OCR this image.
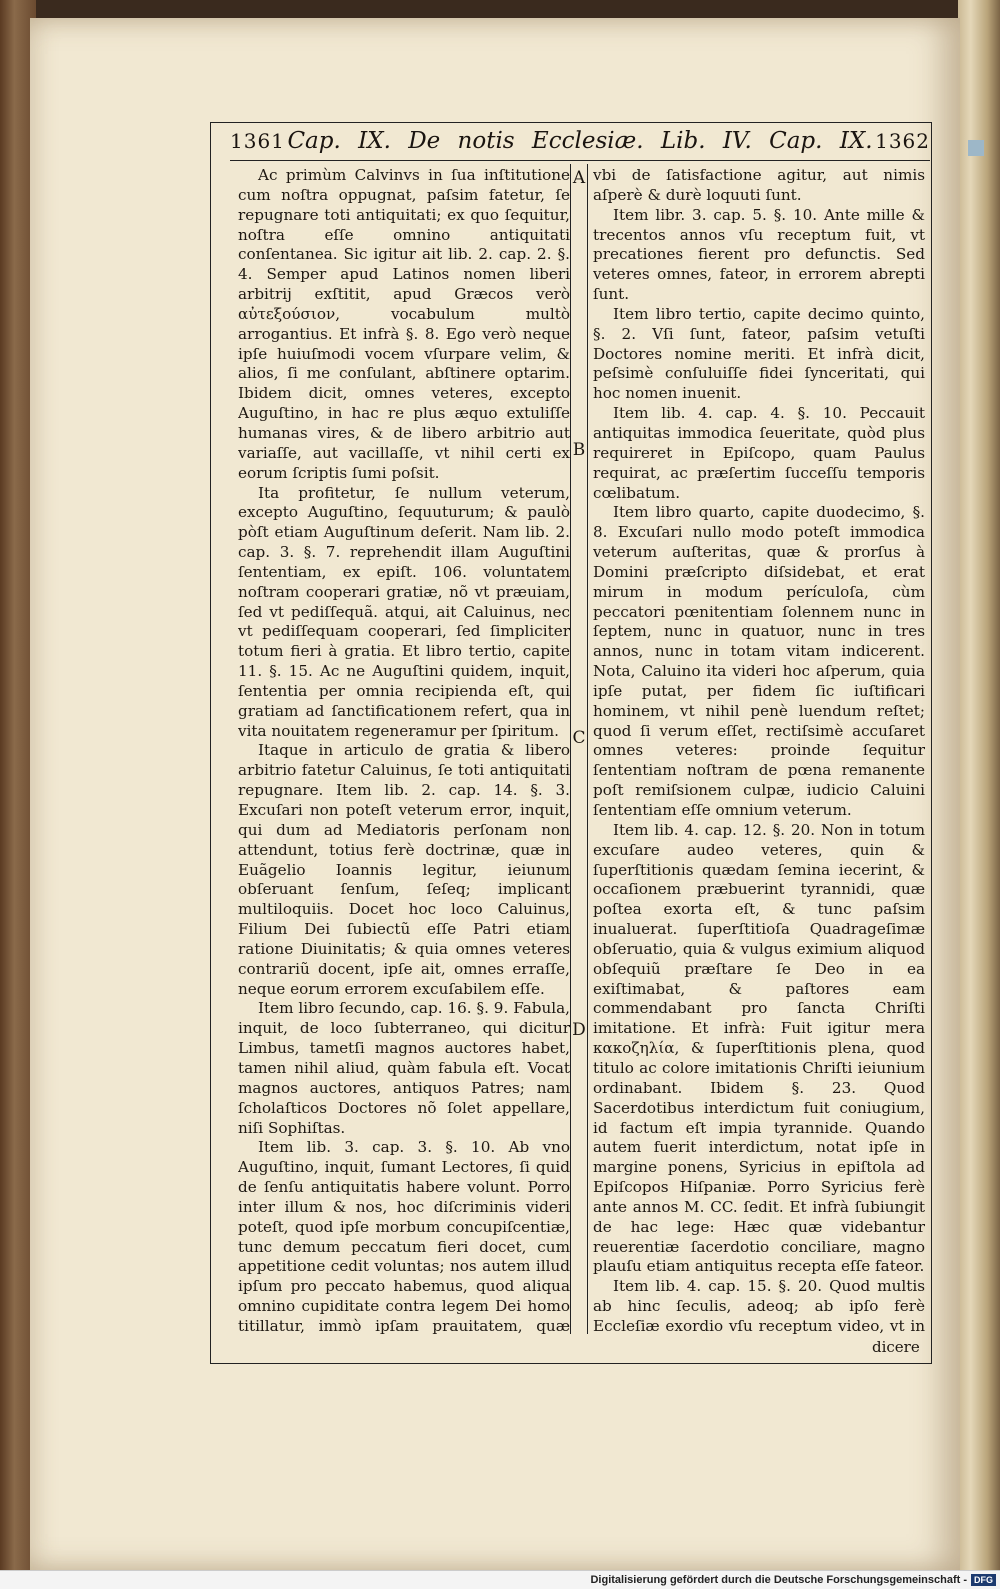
1361 Cap. IX. De notis Ecclesiæ. Lib. IV. Cap. IX. 1362

Ac primùm Calvinvs in ſua inſtitutione cum noſtra oppugnat, paſsim fatetur, ſe repugnare toti antiquitati; ex quo ſequitur, noſtra eſſe omnino antiquitati conſentanea. Sic igitur ait lib. 2. cap. 2. §. 4. Semper apud Latinos nomen liberi arbitrij exſtitit, apud Græcos verò αὐτεξούσιον, vocabulum multò arrogantius. Et infrà §. 8. Ego verò neque ipſe huiuſmodi vocem vſurpare velim, & alios, ſi me conſulant, abſtinere optarim. Ibidem dicit, omnes veteres, excepto Auguſtino, in hac re plus æquo extuliſſe humanas vires, & de libero arbitrio aut variaſſe, aut vacillaſſe, vt nihil certi ex eorum ſcriptis ſumi poſsit.

Ita profitetur, ſe nullum veterum, excepto Auguſtino, ſequuturum; & paulò pòſt etiam Auguſtinum deſerit. Nam lib. 2. cap. 3. §. 7. reprehendit illam Auguſtini ſententiam, ex epiſt. 106. voluntatem noſtram cooperari gratiæ, nõ vt præuiam, ſed vt pediſſequã. atqui, ait Caluinus, nec vt pediſſequam cooperari, ſed ſimpliciter totum fieri à gratia. Et libro tertio, capite 11. §. 15. Ac ne Auguſtini quidem, inquit, ſententia per omnia recipienda eſt, qui gratiam ad ſanctificationem refert, qua in vita nouitatem regeneramur per ſpiritum.

Itaque in articulo de gratia & libero arbitrio fatetur Caluinus, ſe toti antiquitati repugnare. Item lib. 2. cap. 14. §. 3. Excuſari non poteſt veterum error, inquit, qui dum ad Mediatoris perſonam non attendunt, totius ferè doctrinæ, quæ in Euãgelio Ioannis legitur, ieiunum obſeruant ſenſum, ſeſeq; implicant multiloquiis. Docet hoc loco Caluinus, Filium Dei ſubiectũ eſſe Patri etiam ratione Diuinitatis; & quia omnes veteres contrariũ docent, ipſe ait, omnes erraſſe, neque eorum errorem excuſabilem eſſe.

Item libro ſecundo, cap. 16. §. 9. Fabula, inquit, de loco ſubterraneo, qui dicitur Limbus, tametſi magnos auctores habet, tamen nihil aliud, quàm fabula eſt. Vocat magnos auctores, antiquos Patres; nam ſcholaſticos Doctores nõ ſolet appellare, niſi Sophiſtas.

Item lib. 3. cap. 3. §. 10. Ab vno Auguſtino, inquit, ſumant Lectores, ſi quid de ſenſu antiquitatis habere volunt. Porro inter illum & nos, hoc diſcriminis videri poteſt, quod ipſe morbum concupiſcentiæ, tunc demum peccatum fieri docet, cum appetitione cedit voluntas; nos autem illud ipſum pro peccato habemus, quod aliqua omnino cupiditate contra legem Dei homo titillatur, immò ipſam prauitatem, quæ

A
B
C
D

vbi de ſatisfactione agitur, aut nimis aſperè & durè loquuti ſunt.

Item libr. 3. cap. 5. §. 10. Ante mille & trecentos annos vſu receptum fuit, vt precationes fierent pro defunctis. Sed veteres omnes, fateor, in errorem abrepti ſunt.

Item libro tertio, capite decimo quinto, §. 2. Vſi ſunt, fateor, paſsim vetuſti Doctores nomine meriti. Et infrà dicit, peſsimè conſuluiſſe fidei ſynceritati, qui hoc nomen inuenit.

Item lib. 4. cap. 4. §. 10. Peccauit antiquitas immodica ſeueritate, quòd plus requireret in Epiſcopo, quam Paulus requirat, ac præſertim ſucceſſu temporis cœlibatum.

Item libro quarto, capite duodecimo, §. 8. Excuſari nullo modo poteſt immodica veterum auſteritas, quæ & prorſus à Domini præſcripto diſsidebat, et erat mirum in modum perículoſa, cùm peccatori pœnitentiam ſolennem nunc in ſeptem, nunc in quatuor, nunc in tres annos, nunc in totam vitam indicerent. Nota, Caluino ita videri hoc aſperum, quia ipſe putat, per fidem ſic iuſtificari hominem, vt nihil penè luendum reſtet; quod ſi verum eſſet, rectiſsimè accuſaret omnes veteres: proinde ſequitur ſententiam noſtram de pœna remanente poſt remiſsionem culpæ, iudicio Caluini ſententiam eſſe omnium veterum.

Item lib. 4. cap. 12. §. 20. Non in totum excuſare audeo veteres, quin & ſuperſtitionis quædam ſemina iecerint, & occaſionem præbuerint tyrannidi, quæ poſtea exorta eſt, & tunc paſsim inualuerat. ſuperſtitioſa Quadrageſimæ obſeruatio, quia & vulgus eximium aliquod obſequiũ præſtare ſe Deo in ea exiſtimabat, & paſtores eam commendabant pro ſancta Chriſti imitatione. Et infrà: Fuit igitur mera κακοζηλία, & ſuperſtitionis plena, quod titulo ac colore imitationis Chriſti ieiunium ordinabant. Ibidem §. 23. Quod Sacerdotibus interdictum fuit coniugium, id factum eſt impia tyrannide. Quando autem fuerit interdictum, notat ipſe in margine ponens, Syricius in epiſtola ad Epiſcopos Hiſpaniæ. Porro Syricius ferè ante annos M. CC. ſedit. Et infrà ſubiungit de hac lege: Hæc quæ videbantur reuerentiæ ſacerdotio conciliare, magno plauſu etiam antiquitus recepta eſſe fateor.

Item lib. 4. cap. 15. §. 20. Quod multis ab hinc ſeculis, adeoq; ab ipſo ferè Eccleſiæ exordio vſu receptum video, vt in

dicere
Digitalisierung gefördert durch die Deutsche Forschungsgemeinschaft - DFG
